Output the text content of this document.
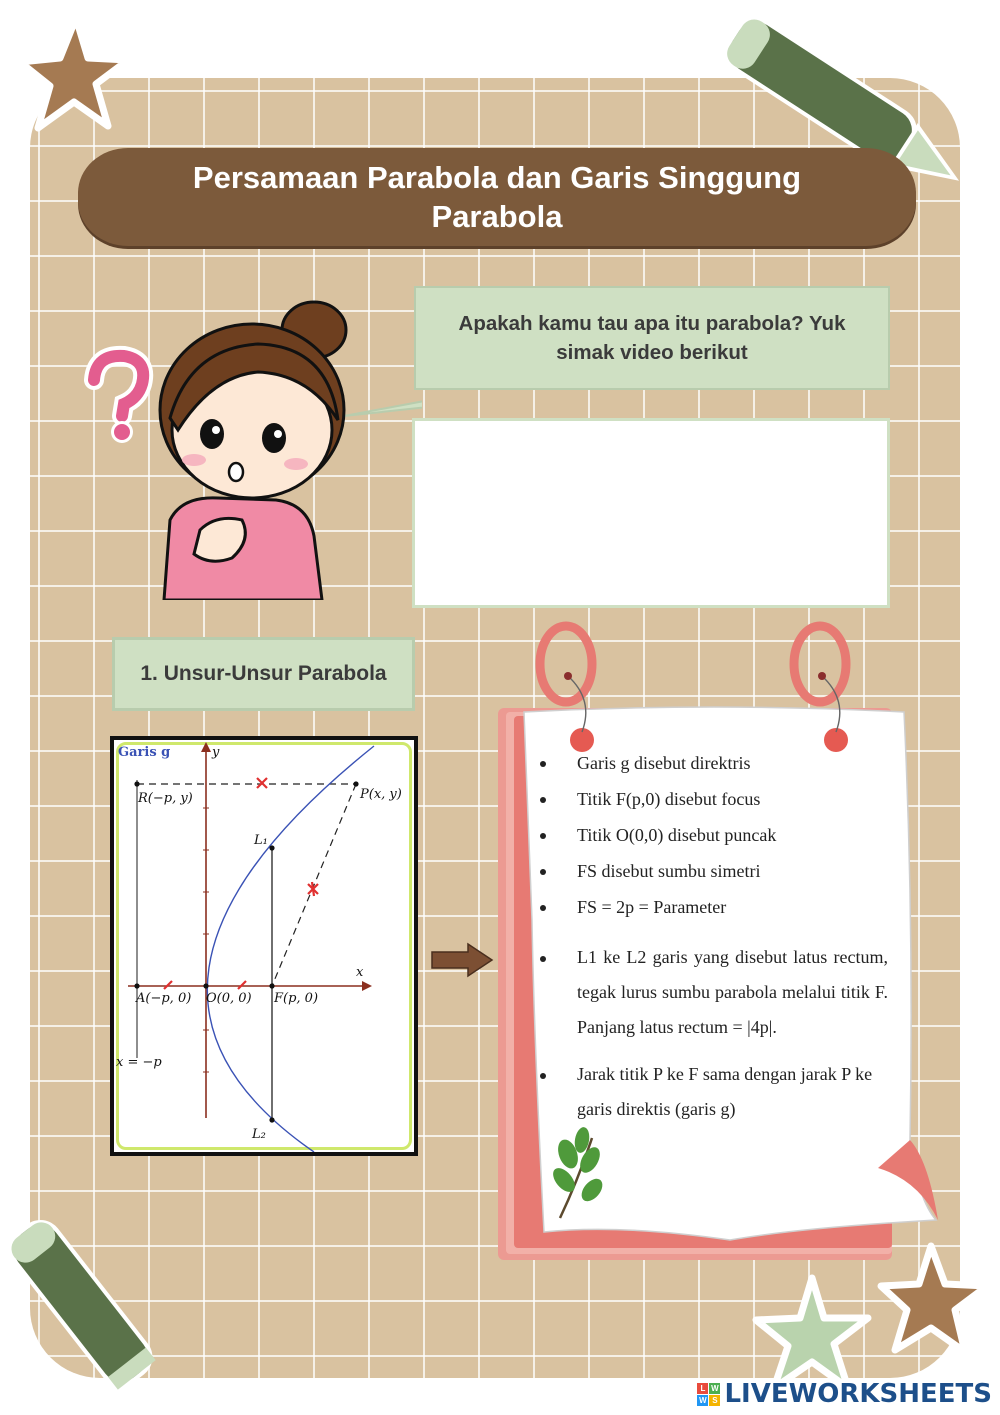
Persamaan Parabola dan Garis Singgung Parabola
Apakah kamu tau apa itu parabola? Yuk simak video berikut
1. Unsur-Unsur Parabola
Garis g	y
x
R(−p, y)	P(x, y)
L₁
L₂
A(−p, 0) O(0, 0) F(p, 0)
x = −p
Garis g disebut direktris
Titik F(p,0) disebut focus
Titik O(0,0) disebut puncak
FS disebut sumbu simetri
FS = 2p = Parameter
L1 ke L2 garis yang disebut latus rectum, tegak lurus sumbu parabola melalui titik F. Panjang latus rectum = |4p|.
Jarak titik P ke F sama dengan jarak P ke garis direktis (garis g)
L W
W S LIVEWORKSHEETS
